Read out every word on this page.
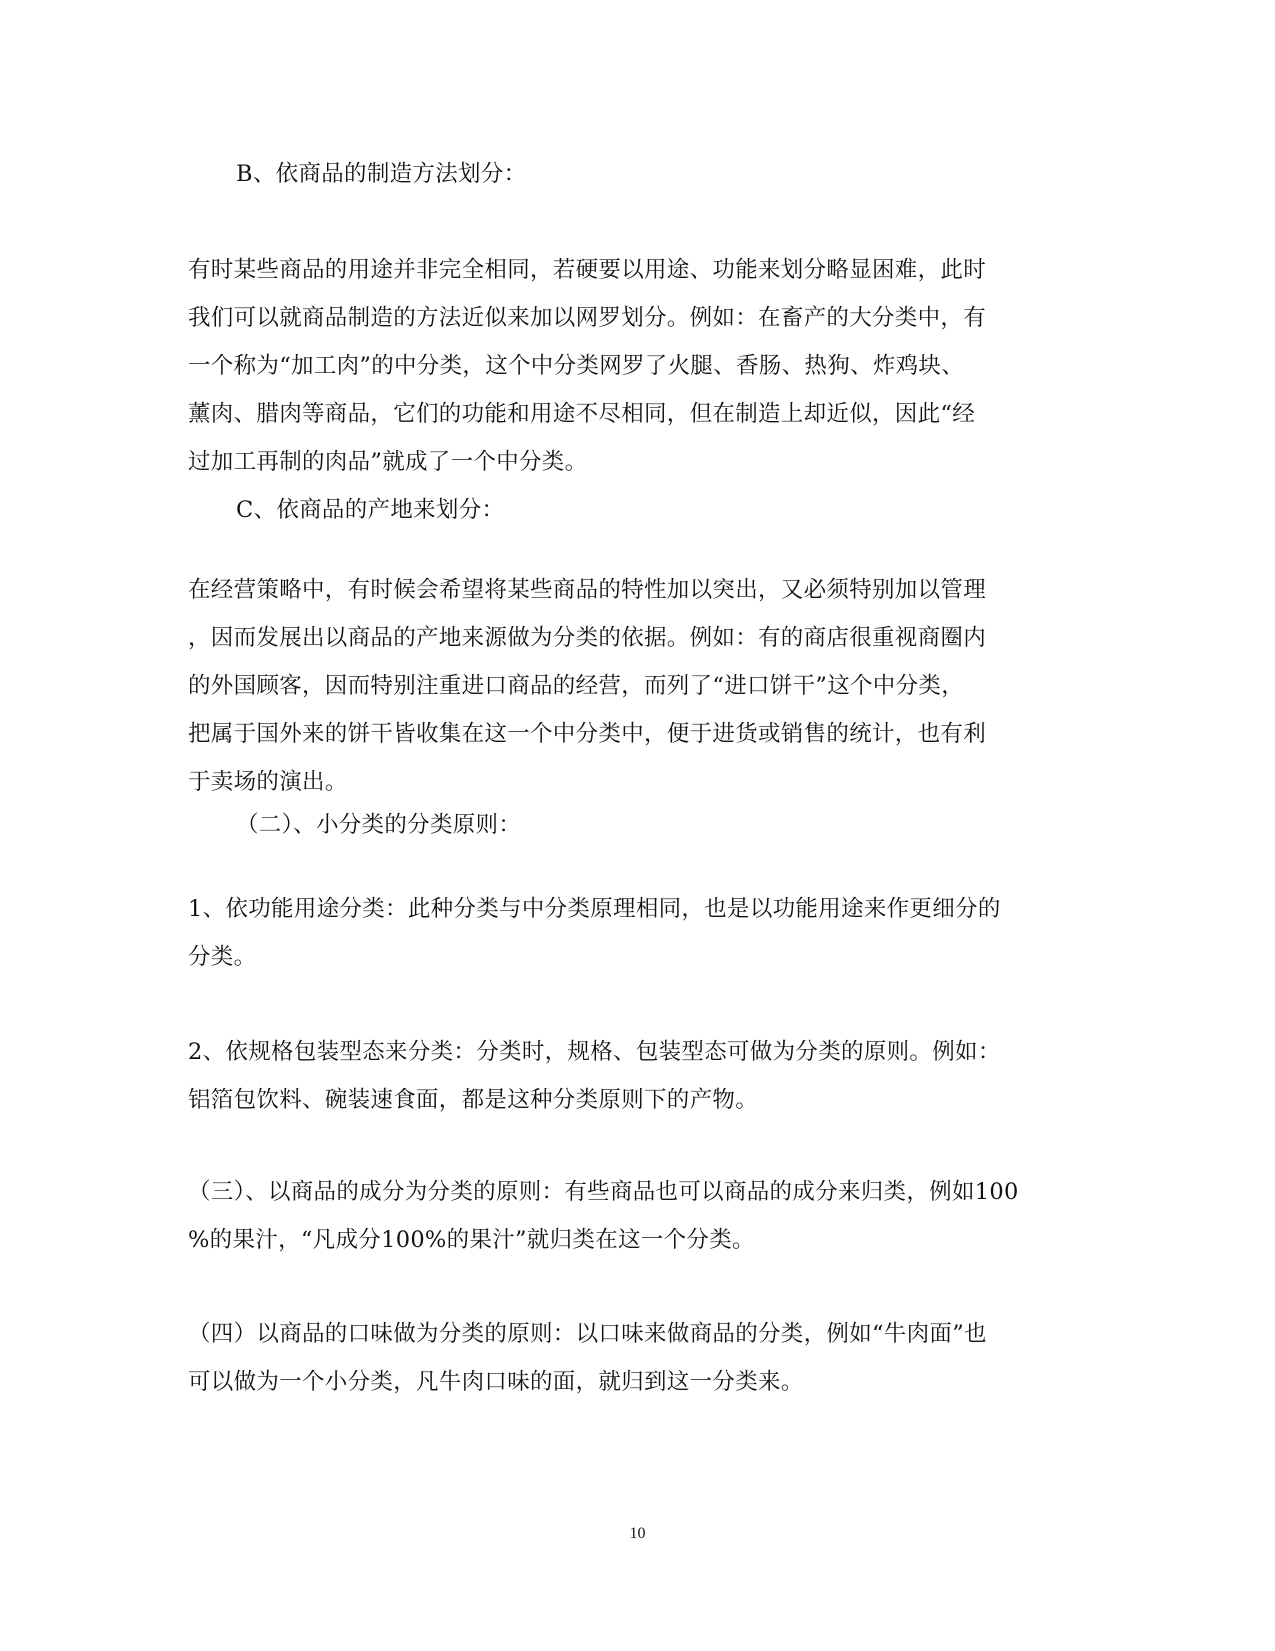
B、依商品的制造方法划分：
有时某些商品的用途并非完全相同，若硬要以用途、功能来划分略显困难，此时
我们可以就商品制造的方法近似来加以网罗划分。例如：在畜产的大分类中，有
一个称为“加工肉”的中分类，这个中分类网罗了火腿、香肠、热狗、炸鸡块、
薰肉、腊肉等商品，它们的功能和用途不尽相同，但在制造上却近似，因此“经
过加工再制的肉品”就成了一个中分类。
C、依商品的产地来划分：
在经营策略中，有时候会希望将某些商品的特性加以突出，又必须特别加以管理
，因而发展出以商品的产地来源做为分类的依据。例如：有的商店很重视商圈内
的外国顾客，因而特别注重进口商品的经营，而列了“进口饼干”这个中分类，
把属于国外来的饼干皆收集在这一个中分类中，便于进货或销售的统计，也有利
于卖场的演出。
（二）、小分类的分类原则：
1、依功能用途分类：此种分类与中分类原理相同，也是以功能用途来作更细分的
分类。
2、依规格包装型态来分类：分类时，规格、包装型态可做为分类的原则。例如：
铝箔包饮料、碗装速食面，都是这种分类原则下的产物。
（三）、以商品的成分为分类的原则：有些商品也可以商品的成分来归类，例如100
%的果汁，“凡成分100%的果汁”就归类在这一个分类。
（四）以商品的口味做为分类的原则：以口味来做商品的分类，例如“牛肉面”也
可以做为一个小分类，凡牛肉口味的面，就归到这一分类来。
10
